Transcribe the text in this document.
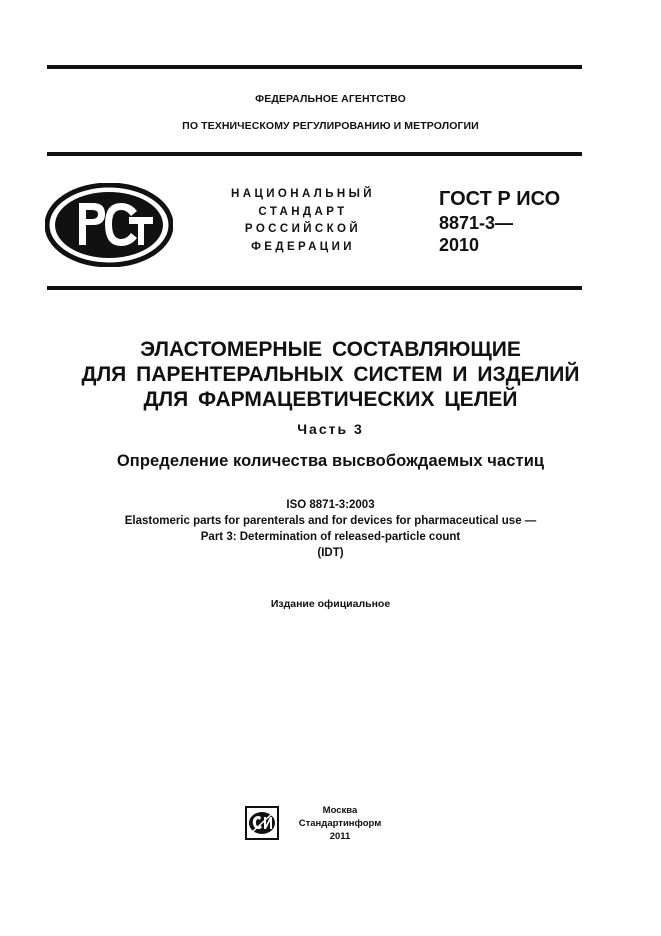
ФЕДЕРАЛЬНОЕ АГЕНТСТВО
ПО ТЕХНИЧЕСКОМУ РЕГУЛИРОВАНИЮ И МЕТРОЛОГИИ
НАЦИОНАЛЬНЫЙ
СТАНДАРТ
РОССИЙСКОЙ
ФЕДЕРАЦИИ
ГОСТ Р ИСО
8871-3—
2010
ЭЛАСТОМЕРНЫЕ СОСТАВЛЯЮЩИЕ
ДЛЯ ПАРЕНТЕРАЛЬНЫХ СИСТЕМ И ИЗДЕЛИЙ
ДЛЯ ФАРМАЦЕВТИЧЕСКИХ ЦЕЛЕЙ
Часть 3
Определение количества высвобождаемых частиц
ISO 8871-3:2003
Elastomeric parts for parenterals and for devices for pharmaceutical use —
Part 3: Determination of released-particle count
(IDT)
Издание официальное
Москва
Стандартинформ
2011
